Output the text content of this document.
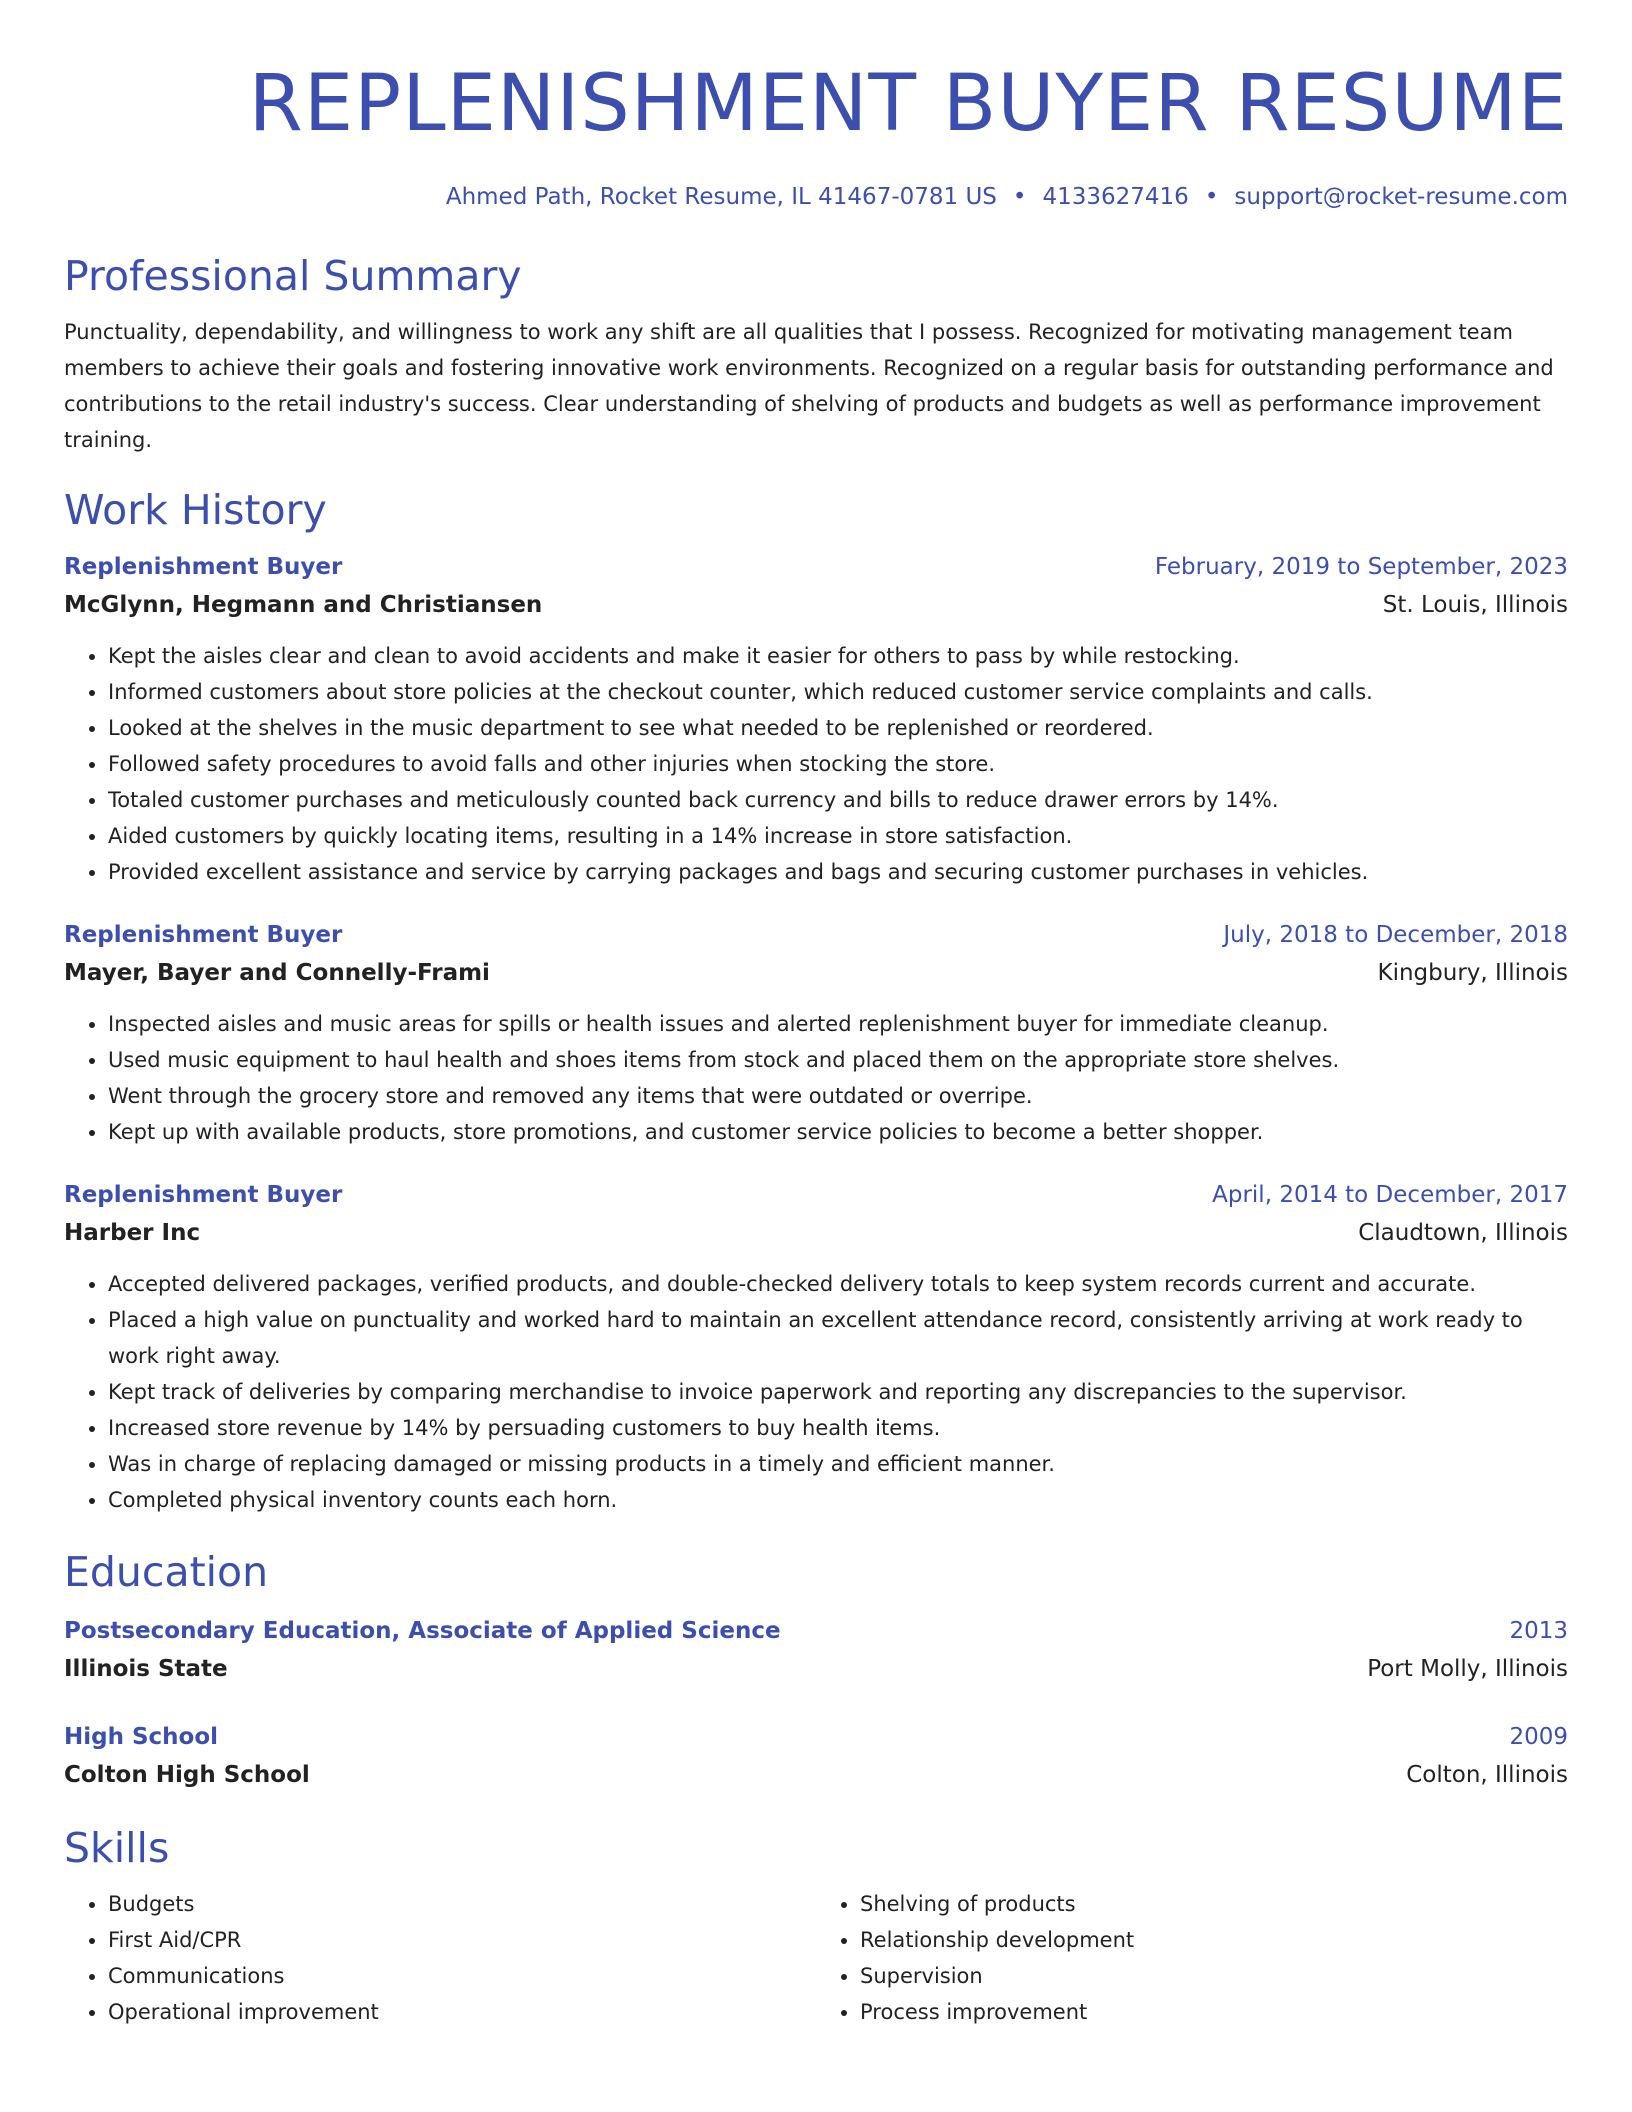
REPLENISHMENT BUYER RESUME
Ahmed Path, Rocket Resume, IL 41467-0781 US • 4133627416 • support@rocket-resume.com
Professional Summary
Punctuality, dependability, and willingness to work any shift are all qualities that I possess. Recognized for motivating management team
members to achieve their goals and fostering innovative work environments. Recognized on a regular basis for outstanding performance and
contributions to the retail industry's success. Clear understanding of shelving of products and budgets as well as performance improvement
training.
Work History
Replenishment Buyer	February, 2019 to September, 2023
McGlynn, Hegmann and Christiansen	St. Louis, Illinois
• Kept the aisles clear and clean to avoid accidents and make it easier for others to pass by while restocking.
• Informed customers about store policies at the checkout counter, which reduced customer service complaints and calls.
• Looked at the shelves in the music department to see what needed to be replenished or reordered.
• Followed safety procedures to avoid falls and other injuries when stocking the store.
• Totaled customer purchases and meticulously counted back currency and bills to reduce drawer errors by 14%.
• Aided customers by quickly locating items, resulting in a 14% increase in store satisfaction.
• Provided excellent assistance and service by carrying packages and bags and securing customer purchases in vehicles.
Replenishment Buyer	July, 2018 to December, 2018
Mayer, Bayer and Connelly-Frami	Kingbury, Illinois
• Inspected aisles and music areas for spills or health issues and alerted replenishment buyer for immediate cleanup.
• Used music equipment to haul health and shoes items from stock and placed them on the appropriate store shelves.
• Went through the grocery store and removed any items that were outdated or overripe.
• Kept up with available products, store promotions, and customer service policies to become a better shopper.
Replenishment Buyer	April, 2014 to December, 2017
Harber Inc	Claudtown, Illinois
• Accepted delivered packages, verified products, and double-checked delivery totals to keep system records current and accurate.
• Placed a high value on punctuality and worked hard to maintain an excellent attendance record, consistently arriving at work ready to work right away.
• Kept track of deliveries by comparing merchandise to invoice paperwork and reporting any discrepancies to the supervisor.
• Increased store revenue by 14% by persuading customers to buy health items.
• Was in charge of replacing damaged or missing products in a timely and efficient manner.
• Completed physical inventory counts each horn.
Education
Postsecondary Education, Associate of Applied Science	2013
Illinois State	Port Molly, Illinois
High School	2009
Colton High School	Colton, Illinois
Skills
• Budgets
• First Aid/CPR
• Communications
• Operational improvement
• Shelving of products
• Relationship development
• Supervision
• Process improvement
